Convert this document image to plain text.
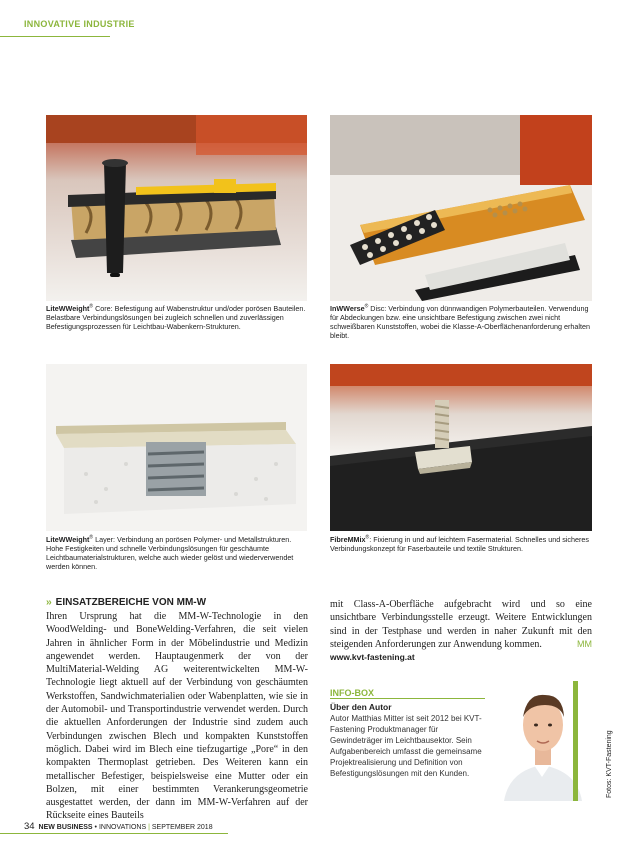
INNOVATIVE INDUSTRIE
LiteWWeight® Core: Befestigung auf Wabenstruktur und/oder porösen Bauteilen. Belastbare Verbindungslösungen bei zugleich schnellen und zuverlässigen Befestigungsprozessen für Leichtbau-Wabenkern-Strukturen.
InWWerse® Disc: Verbindung von dünnwandigen Polymerbauteilen. Verwendung für Abdeckungen bzw. eine unsichtbare Befestigung zwischen zwei nicht schweißbaren Kunststoffen, wobei die Klasse-A-Oberflächenanforderung erhalten bleibt.
LiteWWeight® Layer: Verbindung an porösen Polymer- und Metallstrukturen. Hohe Festigkeiten und schnelle Verbindungslösungen für geschäumte Leichtbaumaterialstrukturen, welche auch wieder gelöst und wiederverwendet werden können.
FibreMMix®: Fixierung in und auf leichtem Fasermaterial. Schnelles und sicheres Verbindungskonzept für Faserbauteile und textile Strukturen.
›› EINSATZBEREICHE VON MM-W
Ihren Ursprung hat die MM-W-Technologie in den WoodWelding- und BoneWelding-Verfahren, die seit vielen Jahren in ähnlicher Form in der Möbelindustrie und Medizin angewendet werden. Hauptaugenmerk der von der MultiMaterial-Welding AG weiterentwickelten MM-W-Technologie liegt aktuell auf der Verbindung von geschäumten Werkstoffen, Sandwichmaterialien oder Wabenplatten, wie sie in der Automobil- und Transportindustrie verwendet werden. Durch die aktuellen Anforderungen der Industrie sind zudem auch Verbindungen zwischen Blech und kompakten Kunststoffen möglich. Dabei wird im Blech eine tiefzugartige „Pore“ in den kompakten Thermoplast getrieben. Des Weiteren kann ein metallischer Befestiger, beispielsweise eine Mutter oder ein Bolzen, mit einer bestimmten Verankerungsgeometrie ausgestattet werden, der dann im MM-W-Verfahren auf der Rückseite eines Bauteils
mit Class-A-Oberfläche aufgebracht wird und so eine unsichtbare Verbindungsstelle erzeugt. Weitere Entwicklungen sind in der Testphase und werden in naher Zukunft mit den steigenden Anforderungen zur Anwendung kommen.	MM
www.kvt-fastening.at
INFO-BOX
Über den Autor
Autor Matthias Mitter ist seit 2012 bei KVT-Fastening Produktmanager für Gewindeträger im Leichtbausektor. Sein Aufgabenbereich umfasst die gemeinsame Projektrealisierung und Definition von Befestigungslösungen mit den Kunden.	Fotos: KVT-Fastening
34 NEW BUSINESS • INNOVATIONS | SEPTEMBER 2018
